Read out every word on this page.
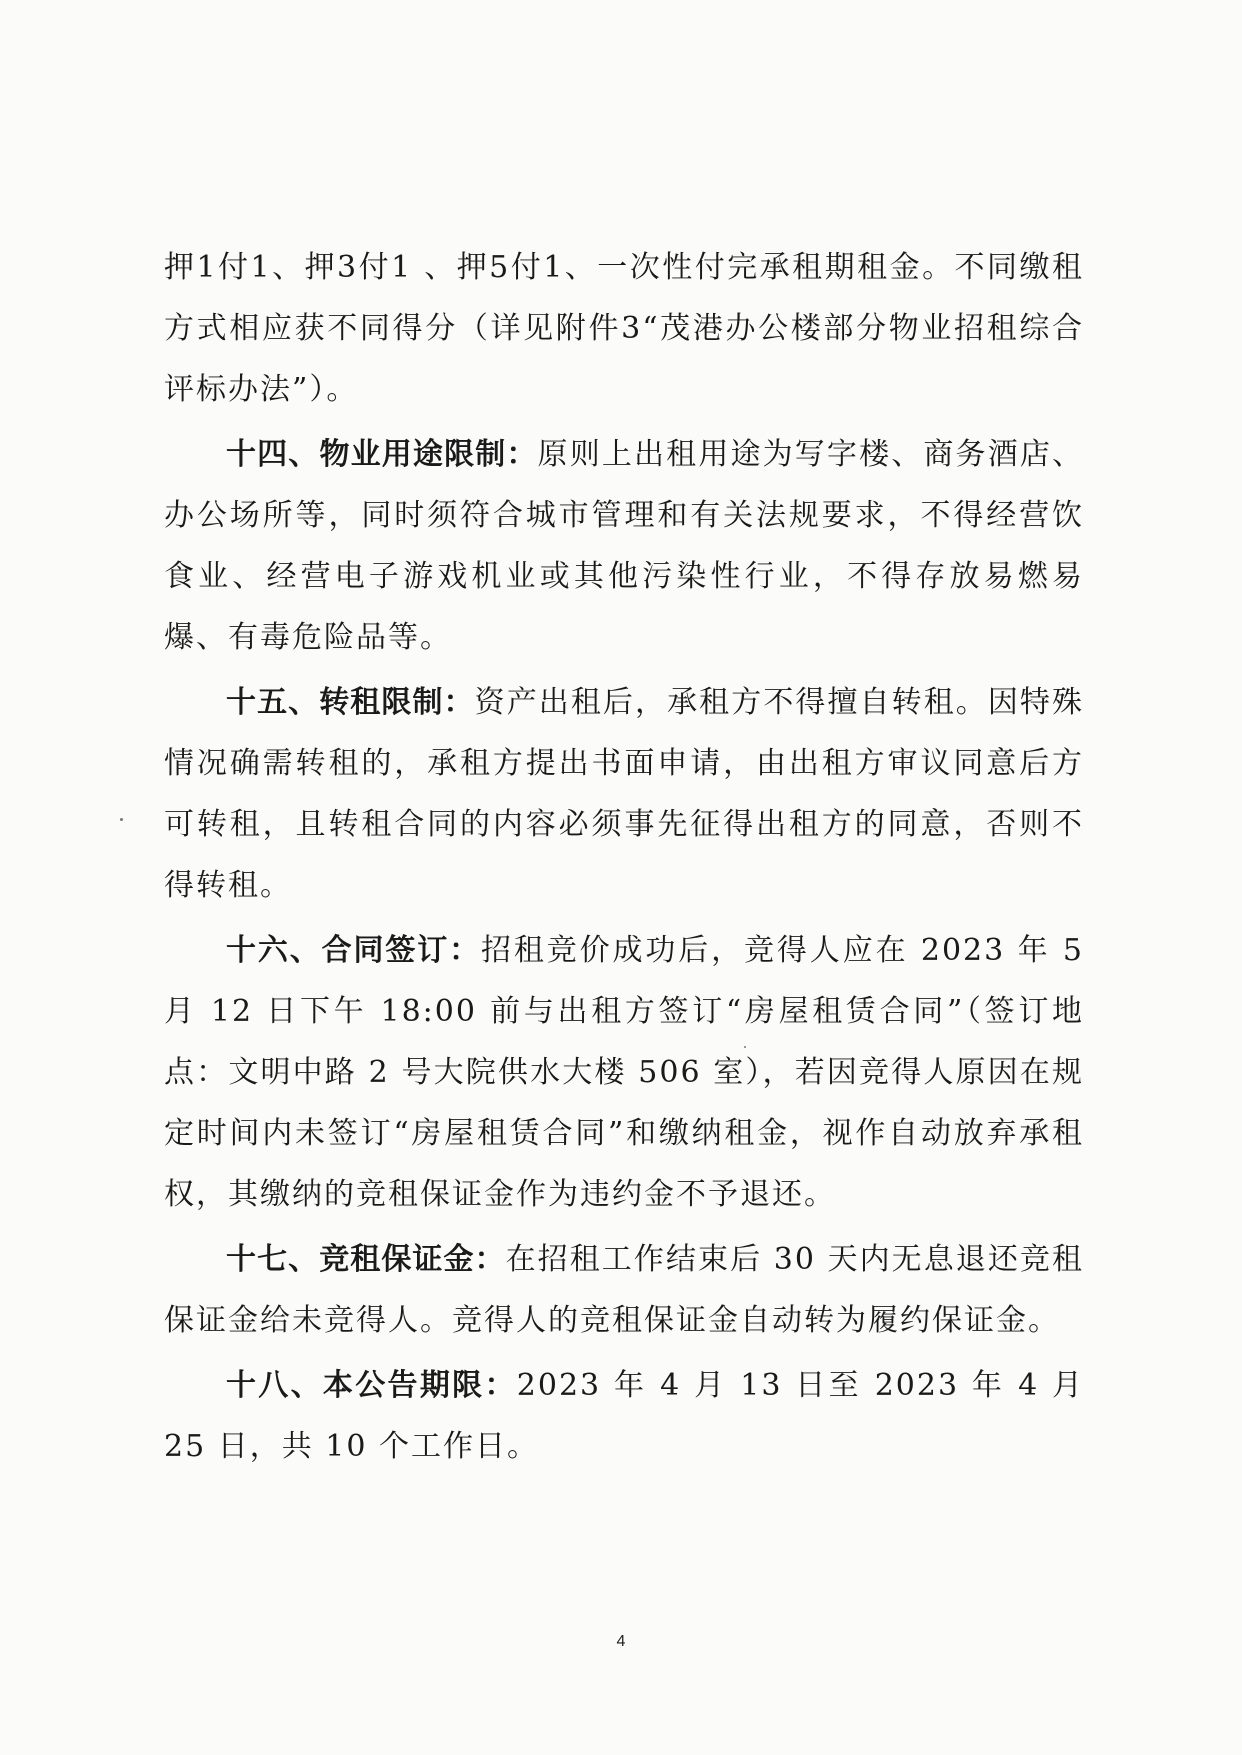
押1付1、押3付1 、押5付1、一次性付完承租期租金。不同缴租方式相应获不同得分（详见附件3“茂港办公楼部分物业招租综合评标办法”）。

十四、物业用途限制：原则上出租用途为写字楼、商务酒店、办公场所等，同时须符合城市管理和有关法规要求，不得经营饮食业、经营电子游戏机业或其他污染性行业，不得存放易燃易爆、有毒危险品等。

十五、转租限制：资产出租后，承租方不得擅自转租。因特殊情况确需转租的，承租方提出书面申请，由出租方审议同意后方可转租，且转租合同的内容必须事先征得出租方的同意，否则不得转租。

十六、合同签订：招租竞价成功后，竞得人应在 2023 年 5 月 12 日下午 18:00 前与出租方签订“房屋租赁合同”（签订地点：文明中路 2 号大院供水大楼 506 室），若因竞得人原因在规定时间内未签订“房屋租赁合同”和缴纳租金，视作自动放弃承租权，其缴纳的竞租保证金作为违约金不予退还。

十七、竞租保证金：在招租工作结束后 30 天内无息退还竞租保证金给未竞得人。竞得人的竞租保证金自动转为履约保证金。

十八、本公告期限：2023 年 4 月 13 日至 2023 年 4 月 25 日，共 10 个工作日。

4
